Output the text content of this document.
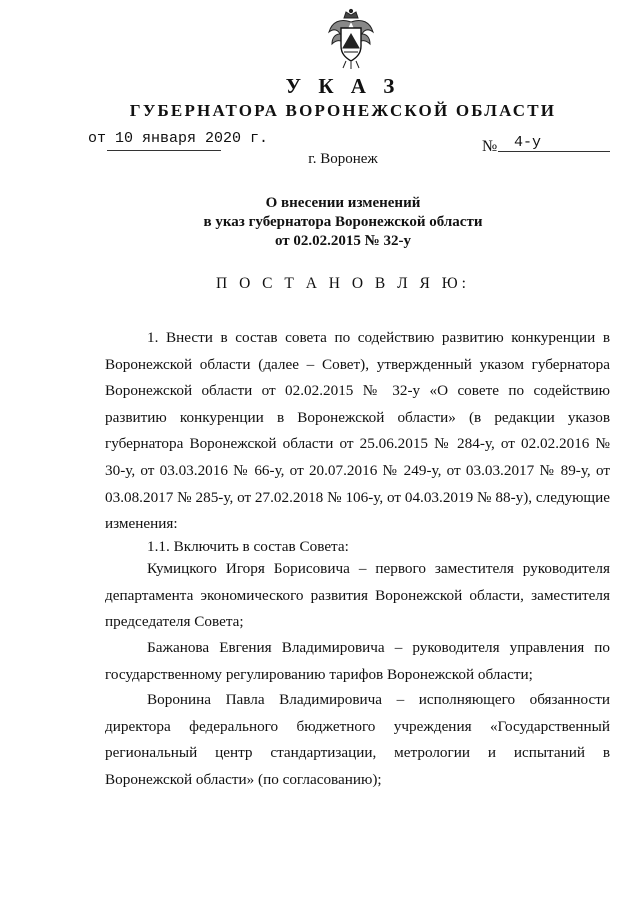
У К А З
ГУБЕРНАТОРА ВОРОНЕЖСКОЙ ОБЛАСТИ
от 10 января 2020 г.	№ 4-у
г. Воронеж
О внесении изменений
в указ губернатора Воронежской области
от 02.02.2015 № 32-у
П О С Т А Н О В Л Я Ю:

1. Внести в состав совета по содействию развитию конкуренции в Воронежской области (далее – Совет), утвержденный указом губернатора Воронежской области от 02.02.2015 № 32-у «О совете по содействию развитию конкуренции в Воронежской области» (в редакции указов губернатора Воронежской области от 25.06.2015 № 284-у, от 02.02.2016 № 30-у, от 03.03.2016 № 66-у, от 20.07.2016 № 249-у, от 03.03.2017 № 89-у, от 03.08.2017 № 285-у, от 27.02.2018 № 106-у, от 04.03.2019 № 88-у), следующие изменения:

1.1. Включить в состав Совета:

Кумицкого Игоря Борисовича – первого заместителя руководителя департамента экономического развития Воронежской области, заместителя председателя Совета;

Бажанова Евгения Владимировича – руководителя управления по государственному регулированию тарифов Воронежской области;

Воронина Павла Владимировича – исполняющего обязанности директора федерального бюджетного учреждения «Государственный региональный центр стандартизации, метрологии и испытаний в Воронежской области» (по согласованию);
